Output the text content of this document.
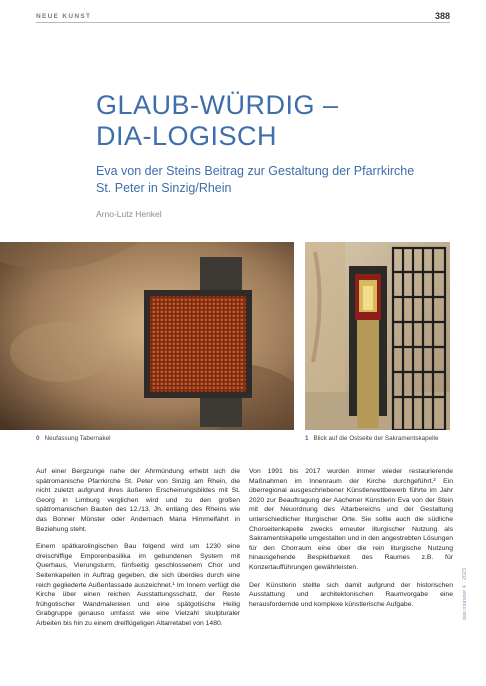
NEUE KUNST	388
GLAUB-WÜRDIG –
DIA-LOGISCH
Eva von der Steins Beitrag zur Gestaltung der Pfarrkirche
St. Peter in Sinzig/Rhein
Arno-Lutz Henkel
0 Neufassung Tabernakel	1 Blick auf die Ostseite der Sakramentskapelle

Auf einer Bergzunge nahe der Ahrmündung erhebt sich die spätromanische Pfarrkirche St. Peter von Sinzig am Rhein, die nicht zuletzt aufgrund ihres äußeren Erscheinungsbildes mit St. Georg in Limburg verglichen wird und zu den großen spätromanischen Bauten des 12./13. Jh. entlang des Rheins wie das Bonner Münster oder Andernach Maria Himmelfahrt in Beziehung steht.

Einem spätkarolingischen Bau folgend wird um 1230 eine dreischiffige Emporenbasilika im gebundenen System mit Querhaus, Vierungsturm, fünfseitig geschlossenem Chor und Seitenkapellen in Auftrag gegeben, die sich überdies durch eine reich gegliederte Außenfassade auszeichnet.¹ Im Innern verfügt die Kirche über einen reichen Ausstattungsschatz, der Reste frühgotischer Wandmalereien und eine spätgotische Heilig Grabgruppe genauso umfasst wie eine Vielzahl skulpturaler Arbeiten bis hin zu einem dreiflügeligen Altarretabel von 1480.

Von 1991 bis 2017 wurden immer wieder restaurierende Maßnahmen im Innenraum der Kirche durchgeführt.² Ein überregional ausgeschriebener Künstlerwettbewerb führte im Jahr 2020 zur Beauftragung der Aachener Künstlerin Eva von der Stein mit der Neuordnung des Altarbereichs und der Gestaltung unterschiedlicher liturgischer Orte. Sie sollte auch die südliche Chorseitenkapelle zwecks erneuter liturgischer Nutzung als Sakramentskapelle umgestalten und in den angestrebten Lösungen für den Chorraum eine über die rein liturgische Nutzung hinausgehende Bespielbarkeit des Raumes z.B. für Konzertaufführungen gewährleisten.

Der Künstlerin stellte sich damit aufgrund der historischen Ausstattung und architektonischen Raumvorgabe eine herausfordernde und komplexe künstlerische Aufgabe.	das münster 4 · 2023
